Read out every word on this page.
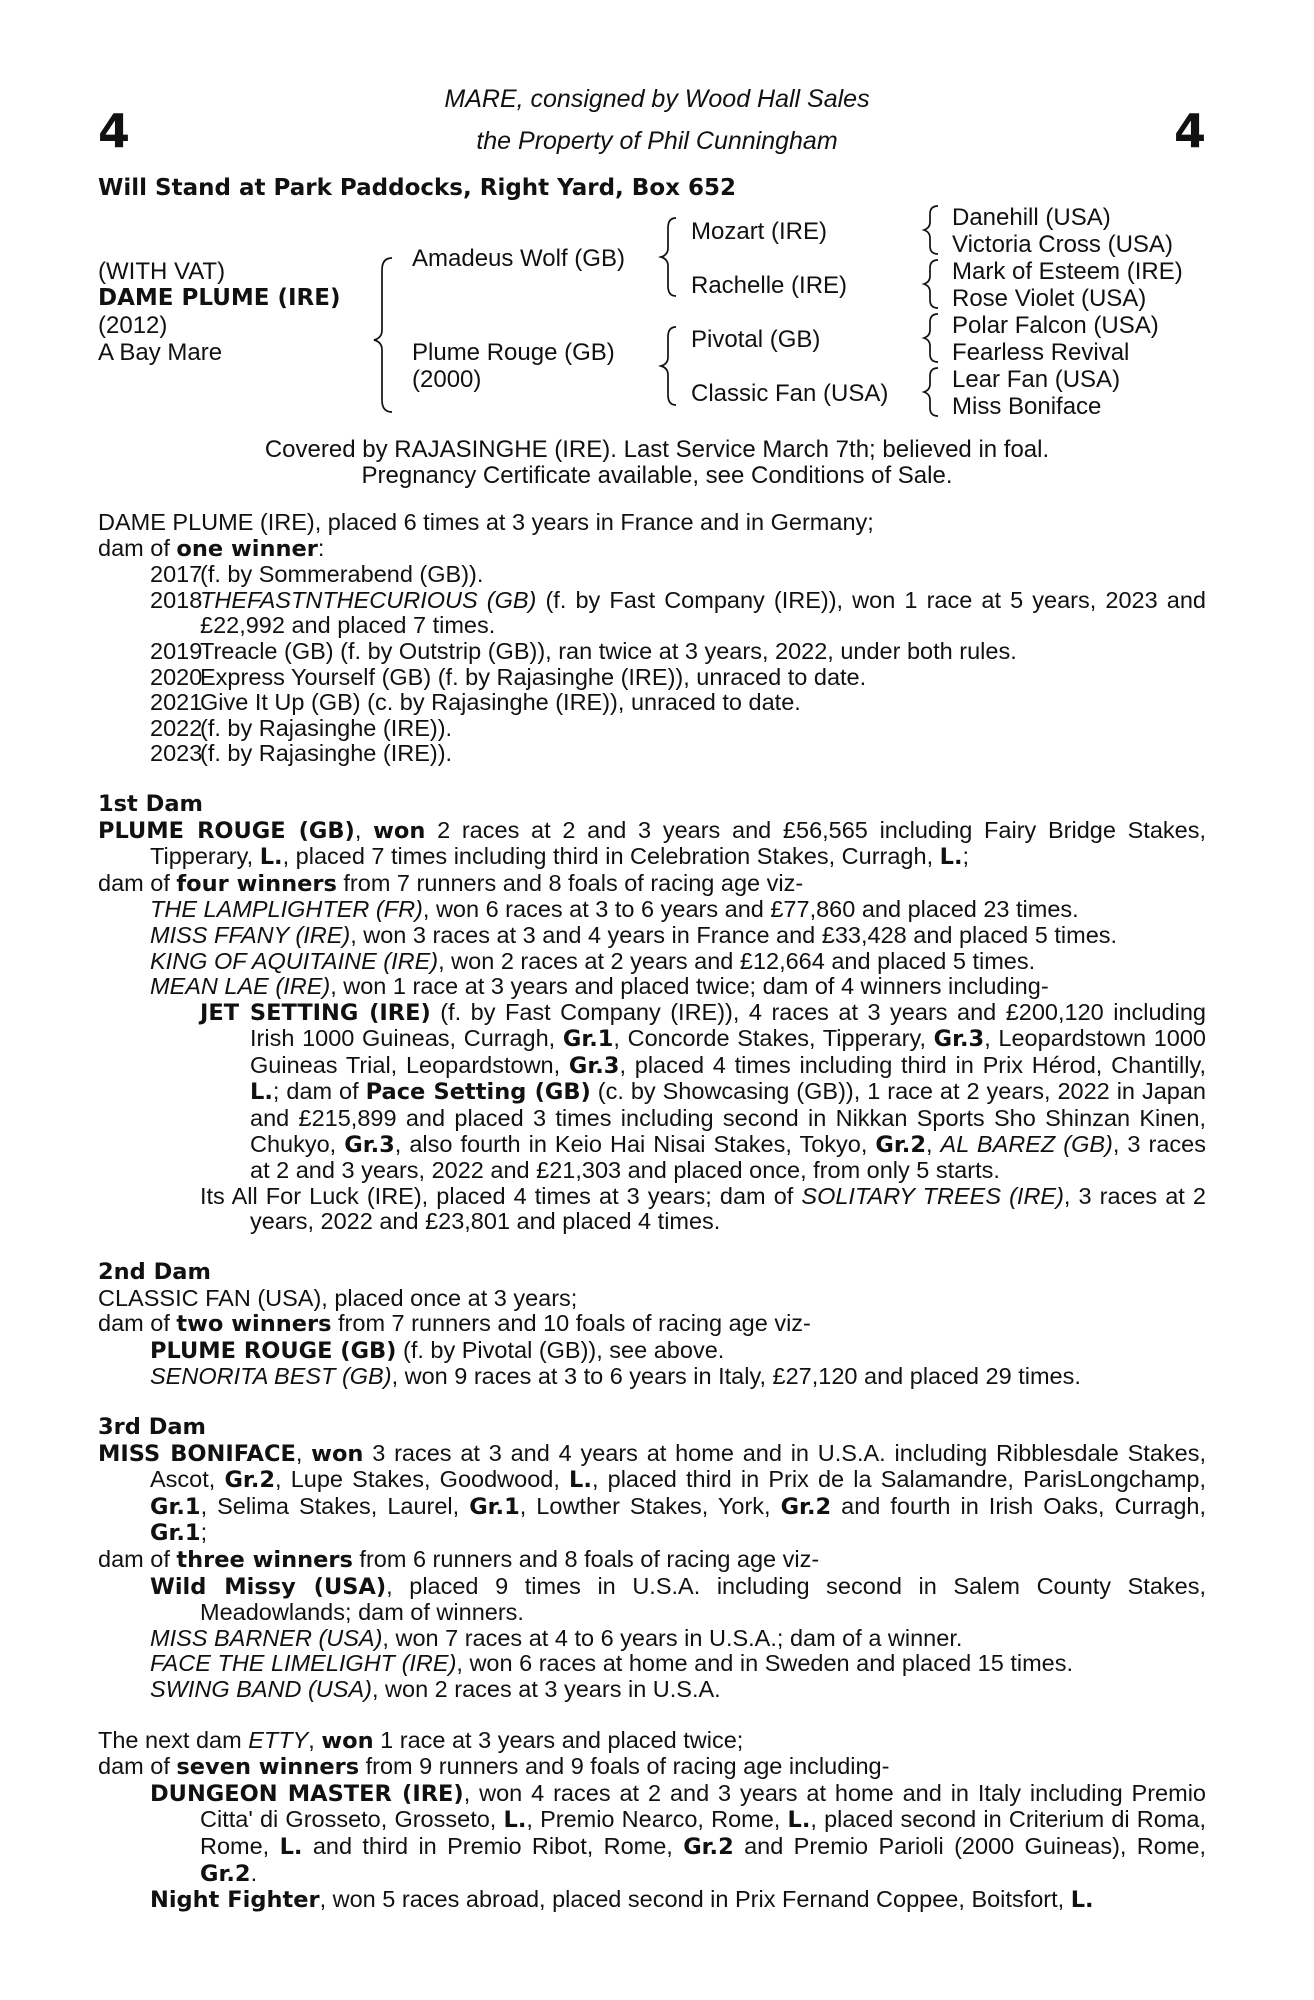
4	4
MARE, consigned by Wood Hall Sales
the Property of Phil Cunningham
Will Stand at Park Paddocks, Right Yard, Box 652
(WITH VAT)
DAME PLUME (IRE)
(2012)
A Bay Mare
Amadeus Wolf (GB)
Plume Rouge (GB)
(2000)
Mozart (IRE)
Rachelle (IRE)
Pivotal (GB)
Classic Fan (USA)
Danehill (USA)
Victoria Cross (USA)
Mark of Esteem (IRE)
Rose Violet (USA)
Polar Falcon (USA)
Fearless Revival
Lear Fan (USA)
Miss Boniface
Covered by RAJASINGHE (IRE). Last Service March 7th; believed in foal.
Pregnancy Certificate available, see Conditions of Sale.

DAME PLUME (IRE), placed 6 times at 3 years in France and in Germany;

dam of one winner:

2017
(f. by Sommerabend (GB)).
2018
THEFASTNTHECURIOUS (GB) (f. by Fast Company (IRE)), won 1 race at 5 years, 2023 and £22,992 and placed 7 times.
2019
Treacle (GB) (f. by Outstrip (GB)), ran twice at 3 years, 2022, under both rules.
2020
Express Yourself (GB) (f. by Rajasinghe (IRE)), unraced to date.
2021
Give It Up (GB) (c. by Rajasinghe (IRE)), unraced to date.
2022
(f. by Rajasinghe (IRE)).
2023
(f. by Rajasinghe (IRE)).

1st Dam

PLUME ROUGE (GB), won 2 races at 2 and 3 years and £56,565 including Fairy Bridge Stakes, Tipperary, L., placed 7 times including third in Celebration Stakes, Curragh, L.;

dam of four winners from 7 runners and 8 foals of racing age viz-

THE LAMPLIGHTER (FR), won 6 races at 3 to 6 years and £77,860 and placed 23 times.

MISS FFANY (IRE), won 3 races at 3 and 4 years in France and £33,428 and placed 5 times.

KING OF AQUITAINE (IRE), won 2 races at 2 years and £12,664 and placed 5 times.

MEAN LAE (IRE), won 1 race at 3 years and placed twice; dam of 4 winners including-

JET SETTING (IRE) (f. by Fast Company (IRE)), 4 races at 3 years and £200,120 including Irish 1000 Guineas, Curragh, Gr.1, Concorde Stakes, Tipperary, Gr.3, Leopardstown 1000 Guineas Trial, Leopardstown, Gr.3, placed 4 times including third in Prix Hérod, Chantilly, L.; dam of Pace Setting (GB) (c. by Showcasing (GB)), 1 race at 2 years, 2022 in Japan and £215,899 and placed 3 times including second in Nikkan Sports Sho Shinzan Kinen, Chukyo, Gr.3, also fourth in Keio Hai Nisai Stakes, Tokyo, Gr.2, AL BAREZ (GB), 3 races at 2 and 3 years, 2022 and £21,303 and placed once, from only 5 starts.

Its All For Luck (IRE), placed 4 times at 3 years; dam of SOLITARY TREES (IRE), 3 races at 2 years, 2022 and £23,801 and placed 4 times.

2nd Dam

CLASSIC FAN (USA), placed once at 3 years;

dam of two winners from 7 runners and 10 foals of racing age viz-

PLUME ROUGE (GB) (f. by Pivotal (GB)), see above.

SENORITA BEST (GB), won 9 races at 3 to 6 years in Italy, £27,120 and placed 29 times.

3rd Dam

MISS BONIFACE, won 3 races at 3 and 4 years at home and in U.S.A. including Ribblesdale Stakes, Ascot, Gr.2, Lupe Stakes, Goodwood, L., placed third in Prix de la Salamandre, ParisLongchamp, Gr.1, Selima Stakes, Laurel, Gr.1, Lowther Stakes, York, Gr.2 and fourth in Irish Oaks, Curragh, Gr.1;

dam of three winners from 6 runners and 8 foals of racing age viz-

Wild Missy (USA), placed 9 times in U.S.A. including second in Salem County Stakes, Meadowlands; dam of winners.

MISS BARNER (USA), won 7 races at 4 to 6 years in U.S.A.; dam of a winner.

FACE THE LIMELIGHT (IRE), won 6 races at home and in Sweden and placed 15 times.

SWING BAND (USA), won 2 races at 3 years in U.S.A.

The next dam ETTY, won 1 race at 3 years and placed twice;

dam of seven winners from 9 runners and 9 foals of racing age including-

DUNGEON MASTER (IRE), won 4 races at 2 and 3 years at home and in Italy including Premio Citta' di Grosseto, Grosseto, L., Premio Nearco, Rome, L., placed second in Criterium di Roma, Rome, L. and third in Premio Ribot, Rome, Gr.2 and Premio Parioli (2000 Guineas), Rome, Gr.2.

Night Fighter, won 5 races abroad, placed second in Prix Fernand Coppee, Boitsfort, L.
